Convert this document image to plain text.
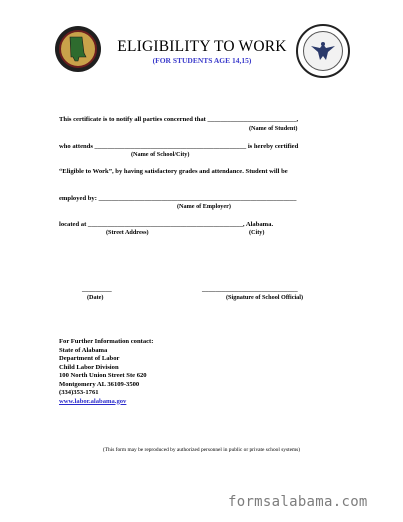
ELIGIBILITY TO WORK
(FOR STUDENTS AGE 14,15)
This certificate is to notify all parties concerned that ___________________________,
(Name of Student)
who attends ______________________________________________ is hereby certified
(Name of School/City)
“Eligible to Work”, by having satisfactory grades and attendance. Student will be
employed by: ____________________________________________________________
(Name of Employer)
located at _______________________________________________, Alabama.
(Street Address)	(City)
_________
(Date)
_____________________________
(Signature of School Official)
For Further Information contact:
State of Alabama
Department of Labor
Child Labor Division
100 North Union Street Ste 620
Montgomery AL 36109-3500
(334)353-1761
www.labor.alabama.gov
(This form may be reproduced by authorized personnel in public or private school systems)
formsalabama.com
